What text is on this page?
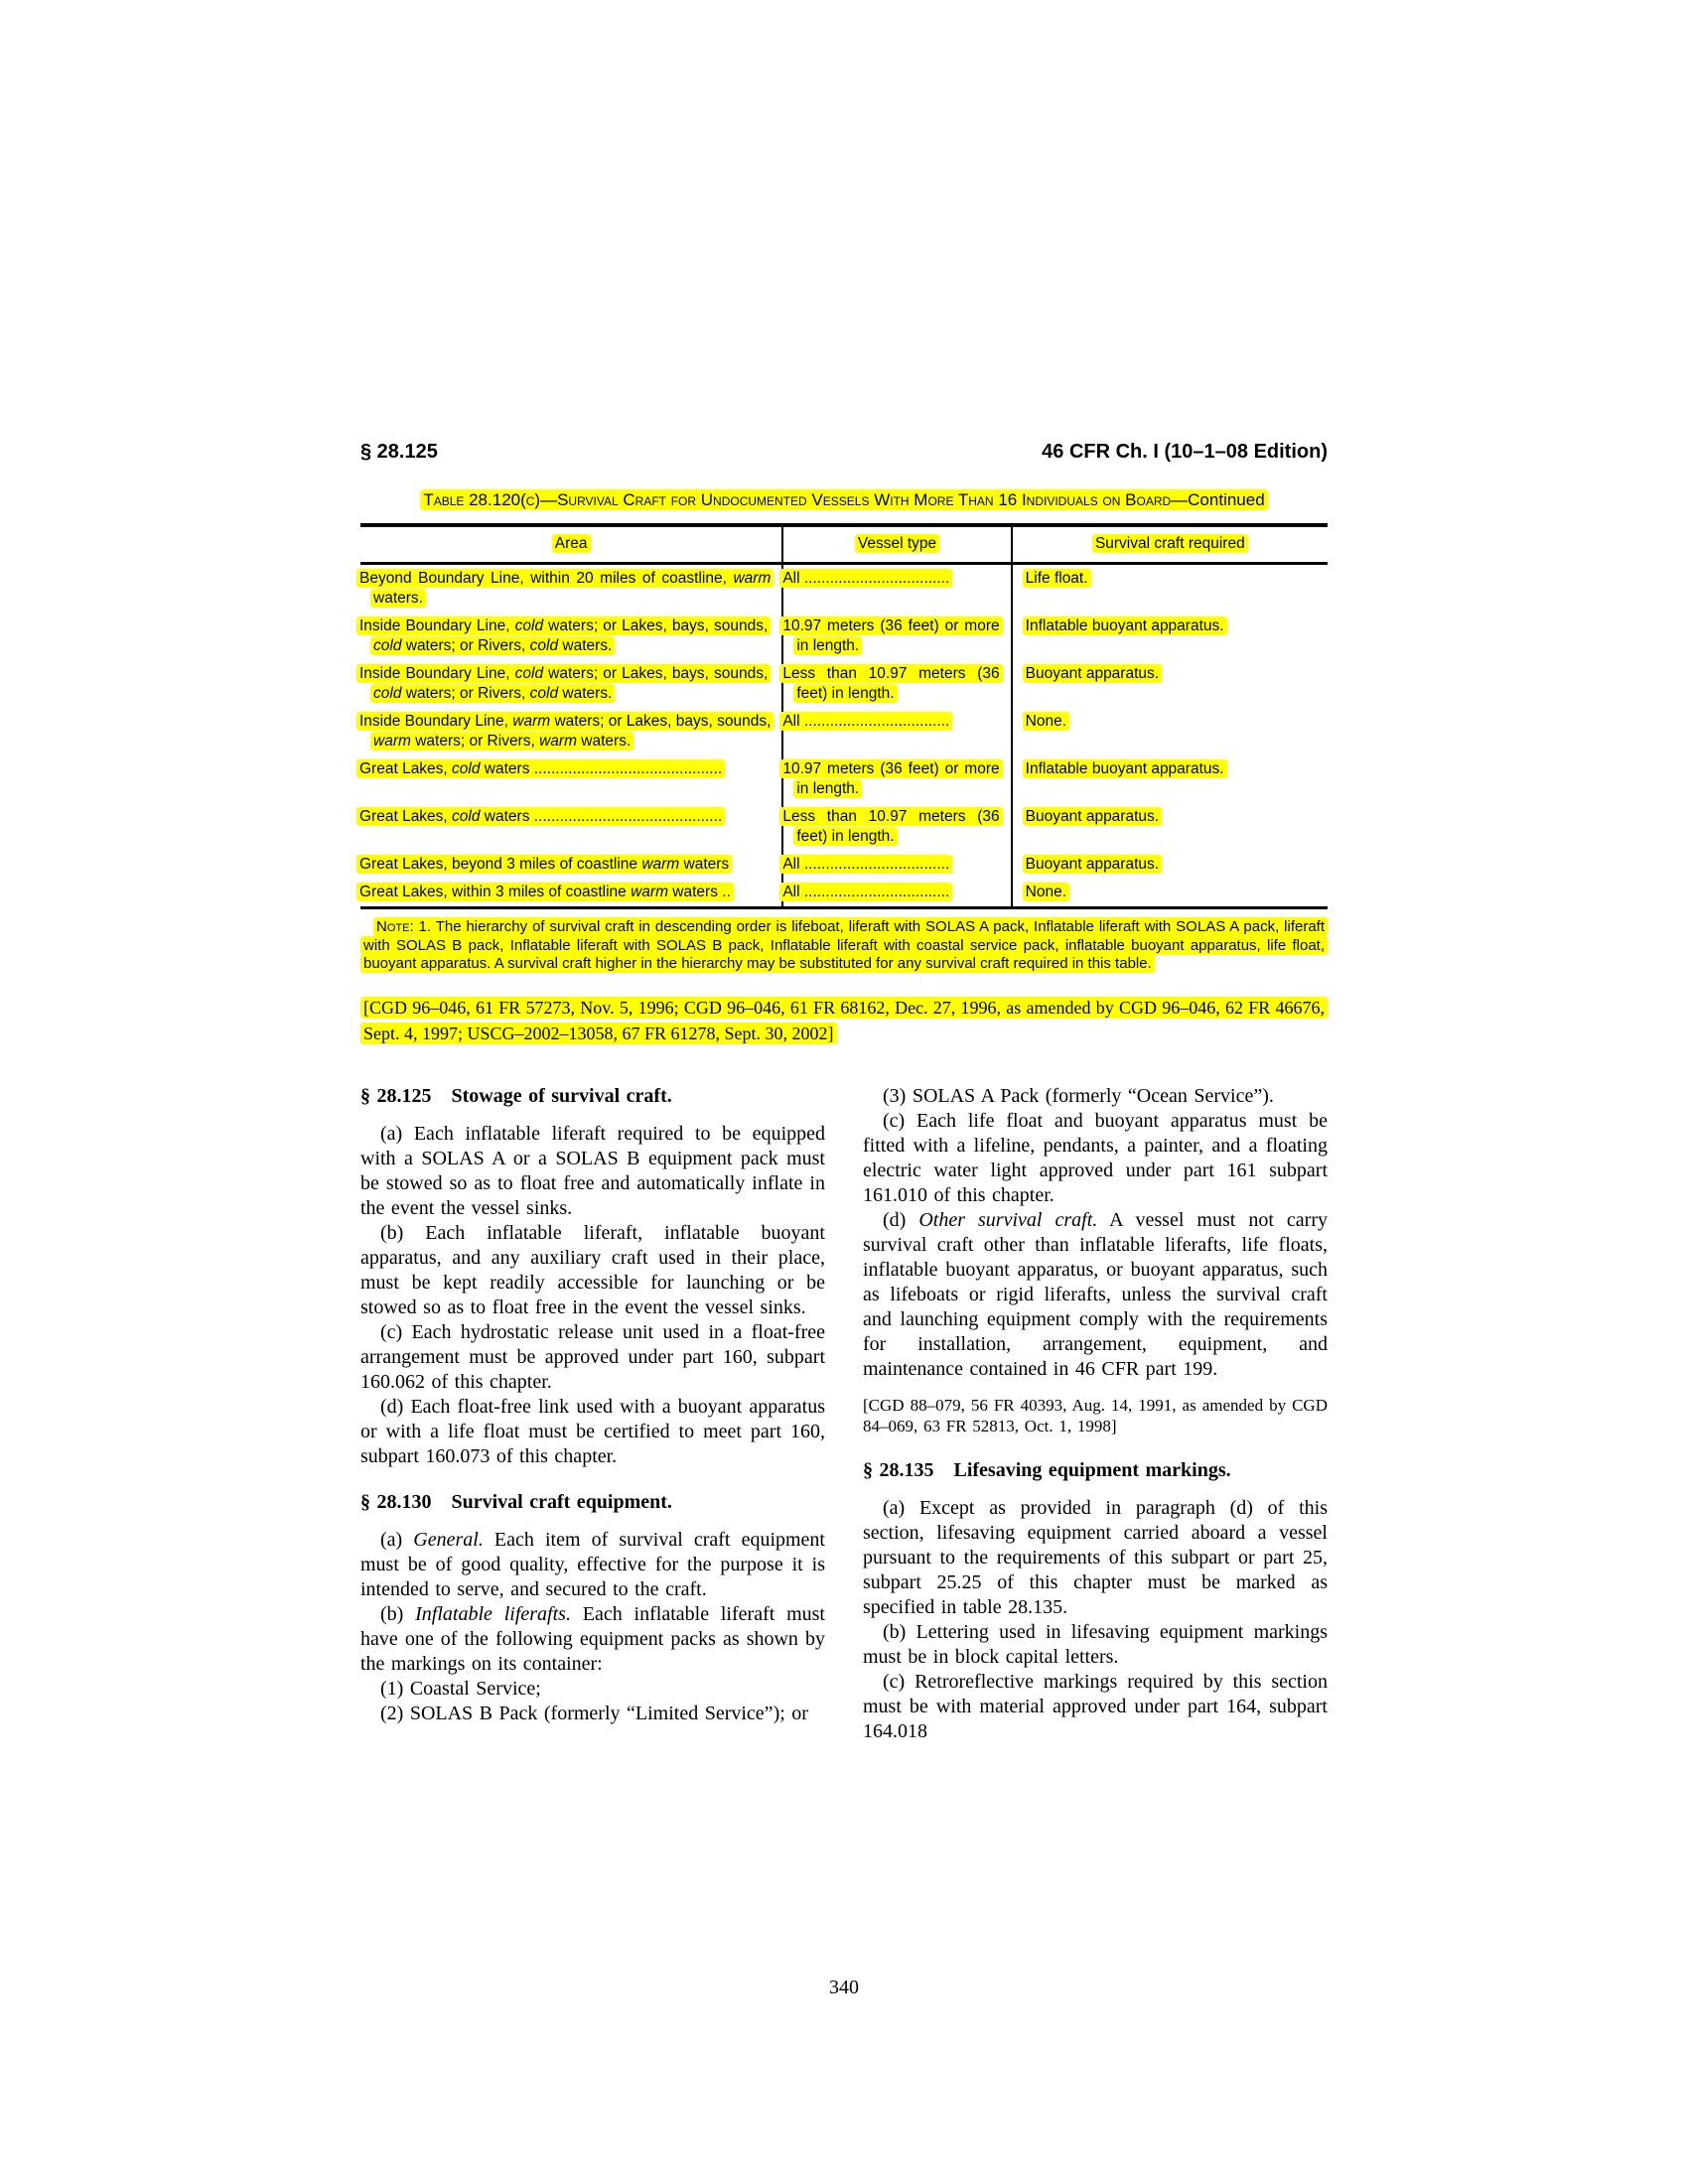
§ 28.125	46 CFR Ch. I (10–1–08 Edition)
Table 28.120(c)—Survival Craft for Undocumented Vessels With More Than 16 Individuals on Board—Continued
Area	Vessel type	Survival craft required
Beyond Boundary Line, within 20 miles of coastline, warm waters.	All ..................................	Life float.
Inside Boundary Line, cold waters; or Lakes, bays, sounds, cold waters; or Rivers, cold waters.	10.97 meters (36 feet) or more in length.	Inflatable buoyant apparatus.
Inside Boundary Line, cold waters; or Lakes, bays, sounds, cold waters; or Rivers, cold waters.	Less than 10.97 meters (36 feet) in length.	Buoyant apparatus.
Inside Boundary Line, warm waters; or Lakes, bays, sounds, warm waters; or Rivers, warm waters.	All ..................................	None.
Great Lakes, cold waters ............................................	10.97 meters (36 feet) or more in length.	Inflatable buoyant apparatus.
Great Lakes, cold waters ............................................	Less than 10.97 meters (36 feet) in length.	Buoyant apparatus.
Great Lakes, beyond 3 miles of coastline warm waters	All ..................................	Buoyant apparatus.
Great Lakes, within 3 miles of coastline warm waters ..	All ..................................	None.

Note: 1. The hierarchy of survival craft in descending order is lifeboat, liferaft with SOLAS A pack, Inflatable liferaft with SOLAS A pack, liferaft with SOLAS B pack, Inflatable liferaft with SOLAS B pack, Inflatable liferaft with coastal service pack, inflatable buoyant apparatus, life float, buoyant apparatus. A survival craft higher in the hierarchy may be substituted for any survival craft required in this table.

[CGD 96–046, 61 FR 57273, Nov. 5, 1996; CGD 96–046, 61 FR 68162, Dec. 27, 1996, as amended by CGD 96–046, 62 FR 46676, Sept. 4, 1997; USCG–2002–13058, 67 FR 61278, Sept. 30, 2002]

§ 28.125 Stowage of survival craft.

(a) Each inflatable liferaft required to be equipped with a SOLAS A or a SOLAS B equipment pack must be stowed so as to float free and automatically inflate in the event the vessel sinks.

(b) Each inflatable liferaft, inflatable buoyant apparatus, and any auxiliary craft used in their place, must be kept readily accessible for launching or be stowed so as to float free in the event the vessel sinks.

(c) Each hydrostatic release unit used in a float-free arrangement must be approved under part 160, subpart 160.062 of this chapter.

(d) Each float-free link used with a buoyant apparatus or with a life float must be certified to meet part 160, subpart 160.073 of this chapter.

§ 28.130 Survival craft equipment.

(a) General. Each item of survival craft equipment must be of good quality, effective for the purpose it is intended to serve, and secured to the craft.

(b) Inflatable liferafts. Each inflatable liferaft must have one of the following equipment packs as shown by the markings on its container:

(1) Coastal Service;

(2) SOLAS B Pack (formerly “Limited Service”); or

(3) SOLAS A Pack (formerly “Ocean Service”).

(c) Each life float and buoyant apparatus must be fitted with a lifeline, pendants, a painter, and a floating electric water light approved under part 161 subpart 161.010 of this chapter.

(d) Other survival craft. A vessel must not carry survival craft other than inflatable liferafts, life floats, inflatable buoyant apparatus, or buoyant apparatus, such as lifeboats or rigid liferafts, unless the survival craft and launching equipment comply with the requirements for installation, arrangement, equipment, and maintenance contained in 46 CFR part 199.

[CGD 88–079, 56 FR 40393, Aug. 14, 1991, as amended by CGD 84–069, 63 FR 52813, Oct. 1, 1998]

§ 28.135 Lifesaving equipment markings.

(a) Except as provided in paragraph (d) of this section, lifesaving equipment carried aboard a vessel pursuant to the requirements of this subpart or part 25, subpart 25.25 of this chapter must be marked as specified in table 28.135.

(b) Lettering used in lifesaving equipment markings must be in block capital letters.

(c) Retroreflective markings required by this section must be with material approved under part 164, subpart 164.018

340
